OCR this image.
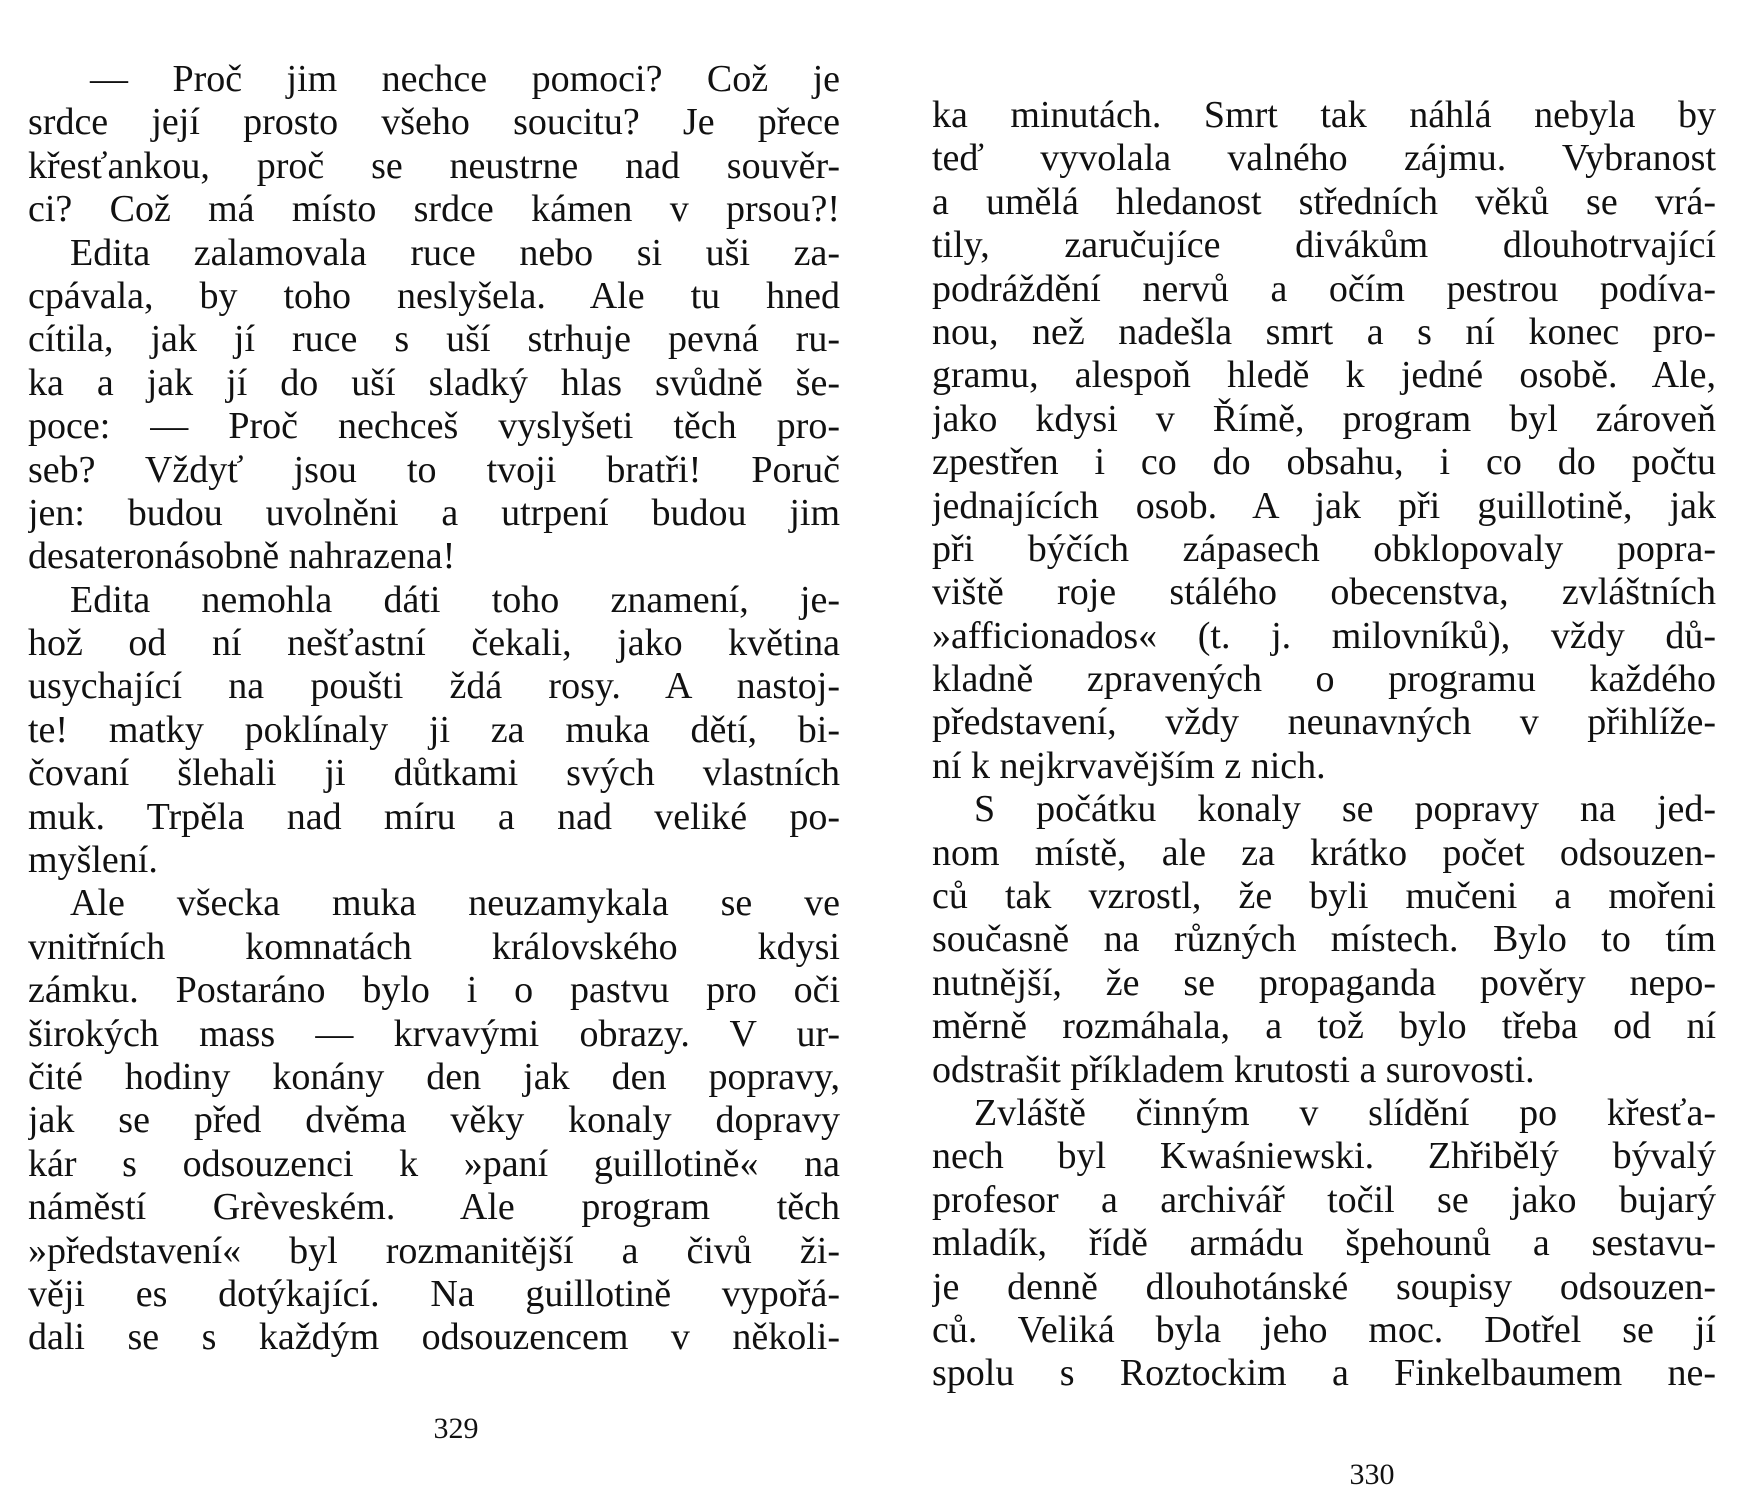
— Proč jim nechce pomoci? Což je
srdce její prosto všeho soucitu? Je přece
křesťankou, proč se neustrne nad souvěr-
ci? Což má místo srdce kámen v prsou?!
Edita zalamovala ruce nebo si uši za-
cpávala, by toho neslyšela. Ale tu hned
cítila, jak jí ruce s uší strhuje pevná ru-
ka a jak jí do uší sladký hlas svůdně še-
poce: — Proč nechceš vyslyšeti těch pro-
seb? Vždyť jsou to tvoji bratři! Poruč
jen: budou uvolněni a utrpení budou jim
desateronásobně nahrazena!
Edita nemohla dáti toho znamení, je-
hož od ní nešťastní čekali, jako květina
usychající na poušti ždá rosy. A nastoj-
te! matky poklínaly ji za muka dětí, bi-
čovaní šlehali ji důtkami svých vlastních
muk. Trpěla nad míru a nad veliké po-
myšlení.
Ale všecka muka neuzamykala se ve
vnitřních komnatách královského kdysi
zámku. Postaráno bylo i o pastvu pro oči
širokých mass — krvavými obrazy. V ur-
čité hodiny konány den jak den popravy,
jak se před dvěma věky konaly dopravy
kár s odsouzenci k »paní guillotině« na
náměstí Grèveském. Ale program těch
»představení« byl rozmanitější a čivů ži-
věji es dotýkající. Na guillotině vypořá-
dali se s každým odsouzencem v několi-
329
ka minutách. Smrt tak náhlá nebyla by
teď vyvolala valného zájmu. Vybranost
a umělá hledanost středních věků se vrá-
tily, zaručujíce divákům dlouhotrvající
podráždění nervů a očím pestrou podíva-
nou, než nadešla smrt a s ní konec pro-
gramu, alespoň hledě k jedné osobě. Ale,
jako kdysi v Římě, program byl zároveň
zpestřen i co do obsahu, i co do počtu
jednajících osob. A jak při guillotině, jak
při býčích zápasech obklopovaly popra-
viště roje stálého obecenstva, zvláštních
»afficionados« (t. j. milovníků), vždy dů-
kladně zpravených o programu každého
představení, vždy neunavných v přihlíže-
ní k nejkrvavějším z nich.
S počátku konaly se popravy na jed-
nom místě, ale za krátko počet odsouzen-
ců tak vzrostl, že byli mučeni a mořeni
současně na různých místech. Bylo to tím
nutnější, že se propaganda pověry nepo-
měrně rozmáhala, a tož bylo třeba od ní
odstrašit příkladem krutosti a surovosti.
Zvláště činným v slídění po křesťa-
nech byl Kwaśniewski. Zhřibělý bývalý
profesor a archivář točil se jako bujarý
mladík, řídě armádu špehounů a sestavu-
je denně dlouhotánské soupisy odsouzen-
ců. Veliká byla jeho moc. Dotřel se jí
spolu s Roztockim a Finkelbaumem ne-
330
